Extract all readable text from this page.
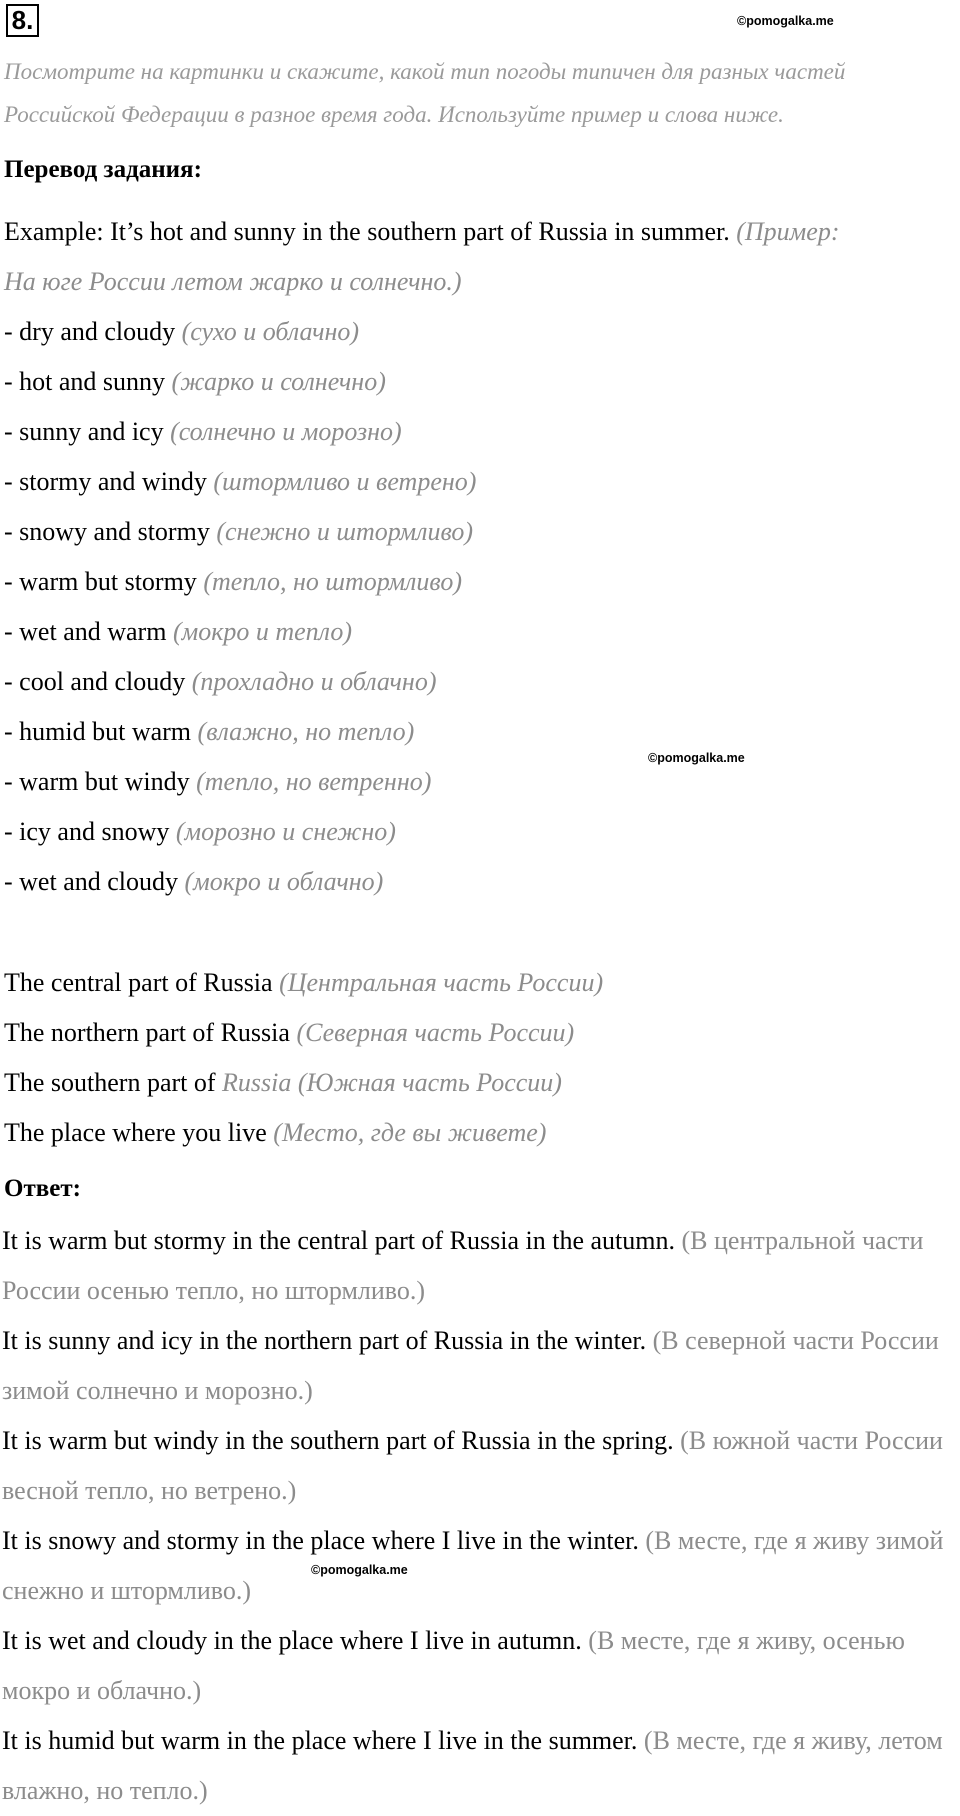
8.	©pomogalka.me
©pomogalka.me
©pomogalka.me
Посмотрите на картинки и скажите, какой тип погоды типичен для разных частей Российской Федерации в разное время года. Используйте пример и слова ниже.
Перевод задания:
Example: It’s hot and sunny in the southern part of Russia in summer. (Пример:
На юге России летом жарко и солнечно.)
- dry and cloudy (сухо и облачно)
- hot and sunny (жарко и солнечно)
- sunny and icy (солнечно и морозно)
- stormy and windy (штормливо и ветрено)
- snowy and stormy (снежно и штормливо)
- warm but stormy (тепло, но штормливо)
- wet and warm (мокро и тепло)
- cool and cloudy (прохладно и облачно)
- humid but warm (влажно, но тепло)
- warm but windy (тепло, но ветренно)
- icy and snowy (морозно и снежно)
- wet and cloudy (мокро и облачно)
The central part of Russia (Центральная часть России)
The northern part of Russia (Северная часть России)
The southern part of Russia (Южная часть России)
The place where you live (Место, где вы живете)
Ответ:

It is warm but stormy in the central part of Russia in the autumn. (В центральной части России осенью тепло, но штормливо.)

It is sunny and icy in the northern part of Russia in the winter. (В северной части России зимой солнечно и морозно.)

It is warm but windy in the southern part of Russia in the spring. (В южной части России весной тепло, но ветрено.)

It is snowy and stormy in the place where I live in the winter. (В месте, где я живу зимой снежно и штормливо.)

It is wet and cloudy in the place where I live in autumn. (В месте, где я живу, осенью мокро и облачно.)

It is humid but warm in the place where I live in the summer. (В месте, где я живу, летом влажно, но тепло.)
